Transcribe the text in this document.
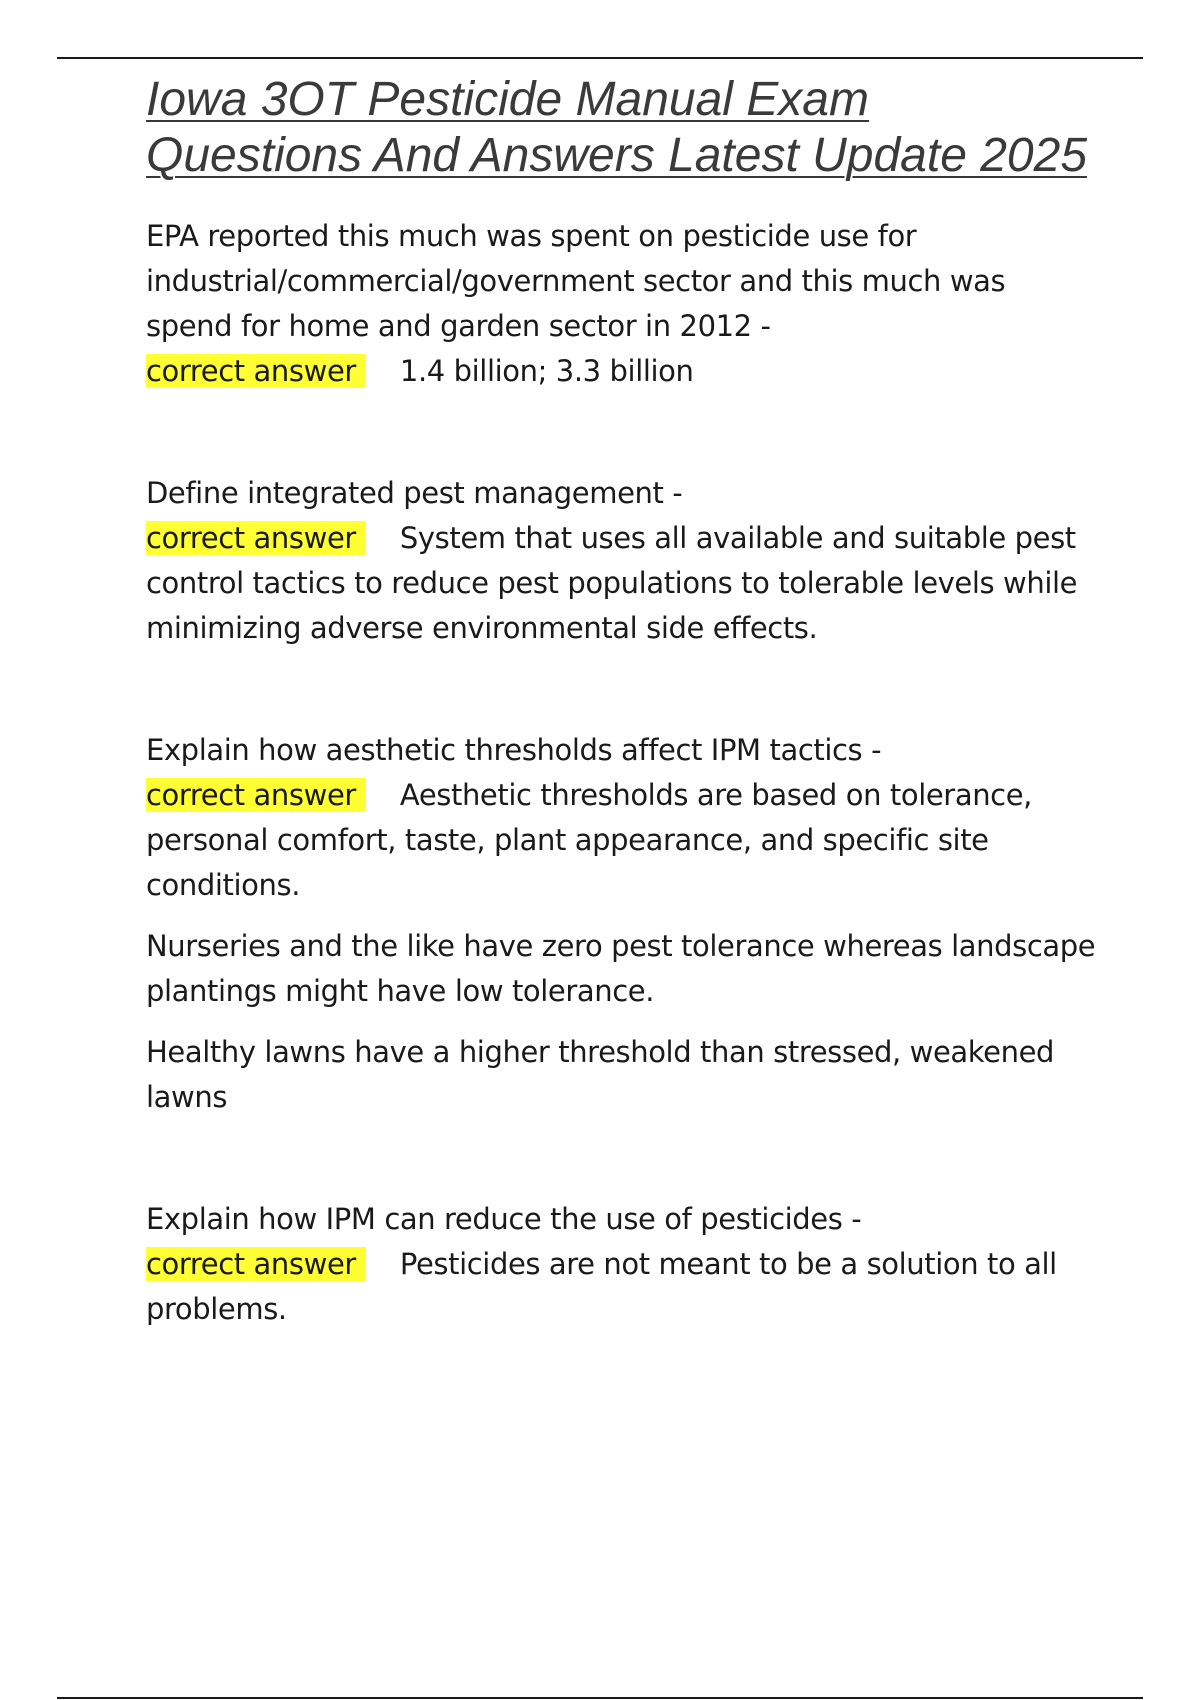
Iowa 3OT Pesticide Manual Exam Questions And Answers Latest Update 2025

EPA reported this much was spent on pesticide use for industrial/commercial/government sector and this much was spend for home and garden sector in 2012 -

correct answer 1.4 billion; 3.3 billion

Define integrated pest management -

correct answer System that uses all available and suitable pest control tactics to reduce pest populations to tolerable levels while minimizing adverse environmental side effects.

Explain how aesthetic thresholds affect IPM tactics -

correct answer Aesthetic thresholds are based on tolerance, personal comfort, taste, plant appearance, and specific site conditions.

Nurseries and the like have zero pest tolerance whereas landscape plantings might have low tolerance.

Healthy lawns have a higher threshold than stressed, weakened lawns

Explain how IPM can reduce the use of pesticides -

correct answer Pesticides are not meant to be a solution to all problems.
